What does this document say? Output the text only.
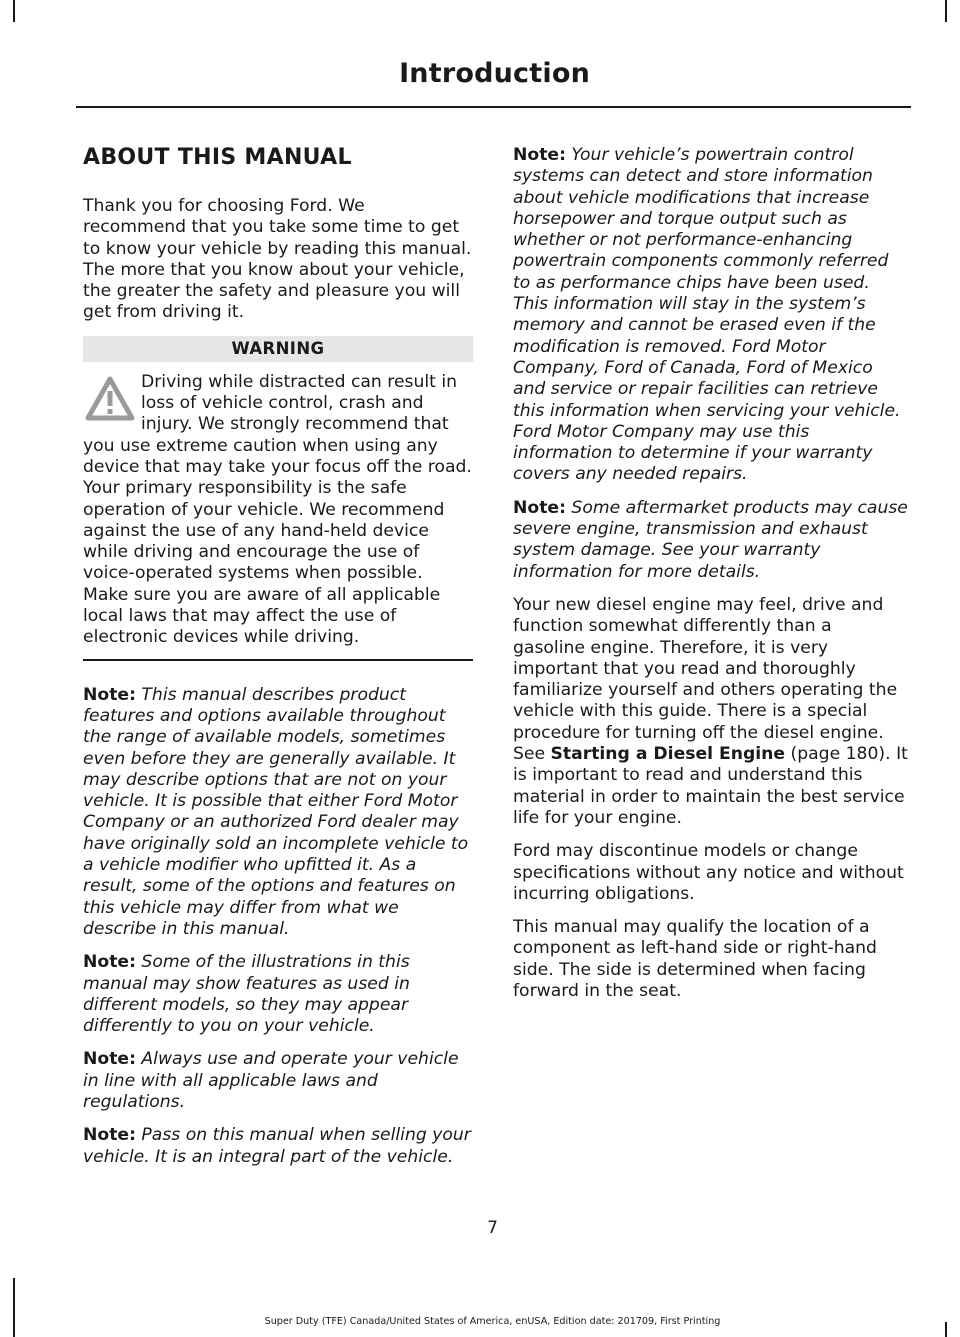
Introduction
ABOUT THIS MANUAL

Thank you for choosing Ford. We recommend that you take some time to get to know your vehicle by reading this manual. The more that you know about your vehicle, the greater the safety and pleasure you will get from driving it.

WARNING

Driving while distracted can result in loss of vehicle control, crash and injury. We strongly recommend that you use extreme caution when using any device that may take your focus off the road. Your primary responsibility is the safe operation of your vehicle. We recommend against the use of any hand-held device while driving and encourage the use of voice-operated systems when possible. Make sure you are aware of all applicable local laws that may affect the use of electronic devices while driving.

Note: This manual describes product features and options available throughout the range of available models, sometimes even before they are generally available. It may describe options that are not on your vehicle. It is possible that either Ford Motor Company or an authorized Ford dealer may have originally sold an incomplete vehicle to a vehicle modifier who upfitted it. As a result, some of the options and features on this vehicle may differ from what we describe in this manual.

Note: Some of the illustrations in this manual may show features as used in different models, so they may appear differently to you on your vehicle.

Note: Always use and operate your vehicle in line with all applicable laws and regulations.

Note: Pass on this manual when selling your vehicle. It is an integral part of the vehicle.

Note: Your vehicle’s powertrain control systems can detect and store information about vehicle modifications that increase horsepower and torque output such as whether or not performance-enhancing powertrain components commonly referred to as performance chips have been used. This information will stay in the system’s memory and cannot be erased even if the modification is removed. Ford Motor Company, Ford of Canada, Ford of Mexico and service or repair facilities can retrieve this information when servicing your vehicle. Ford Motor Company may use this information to determine if your warranty covers any needed repairs.

Note: Some aftermarket products may cause severe engine, transmission and exhaust system damage. See your warranty information for more details.

Your new diesel engine may feel, drive and function somewhat differently than a gasoline engine. Therefore, it is very important that you read and thoroughly familiarize yourself and others operating the vehicle with this guide. There is a special procedure for turning off the diesel engine. See Starting a Diesel Engine (page 180). It is important to read and understand this material in order to maintain the best service life for your engine.

Ford may discontinue models or change specifications without any notice and without incurring obligations.

This manual may qualify the location of a component as left-hand side or right-hand side. The side is determined when facing forward in the seat.

7
Super Duty (TFE) Canada/United States of America, enUSA, Edition date: 201709, First Printing
